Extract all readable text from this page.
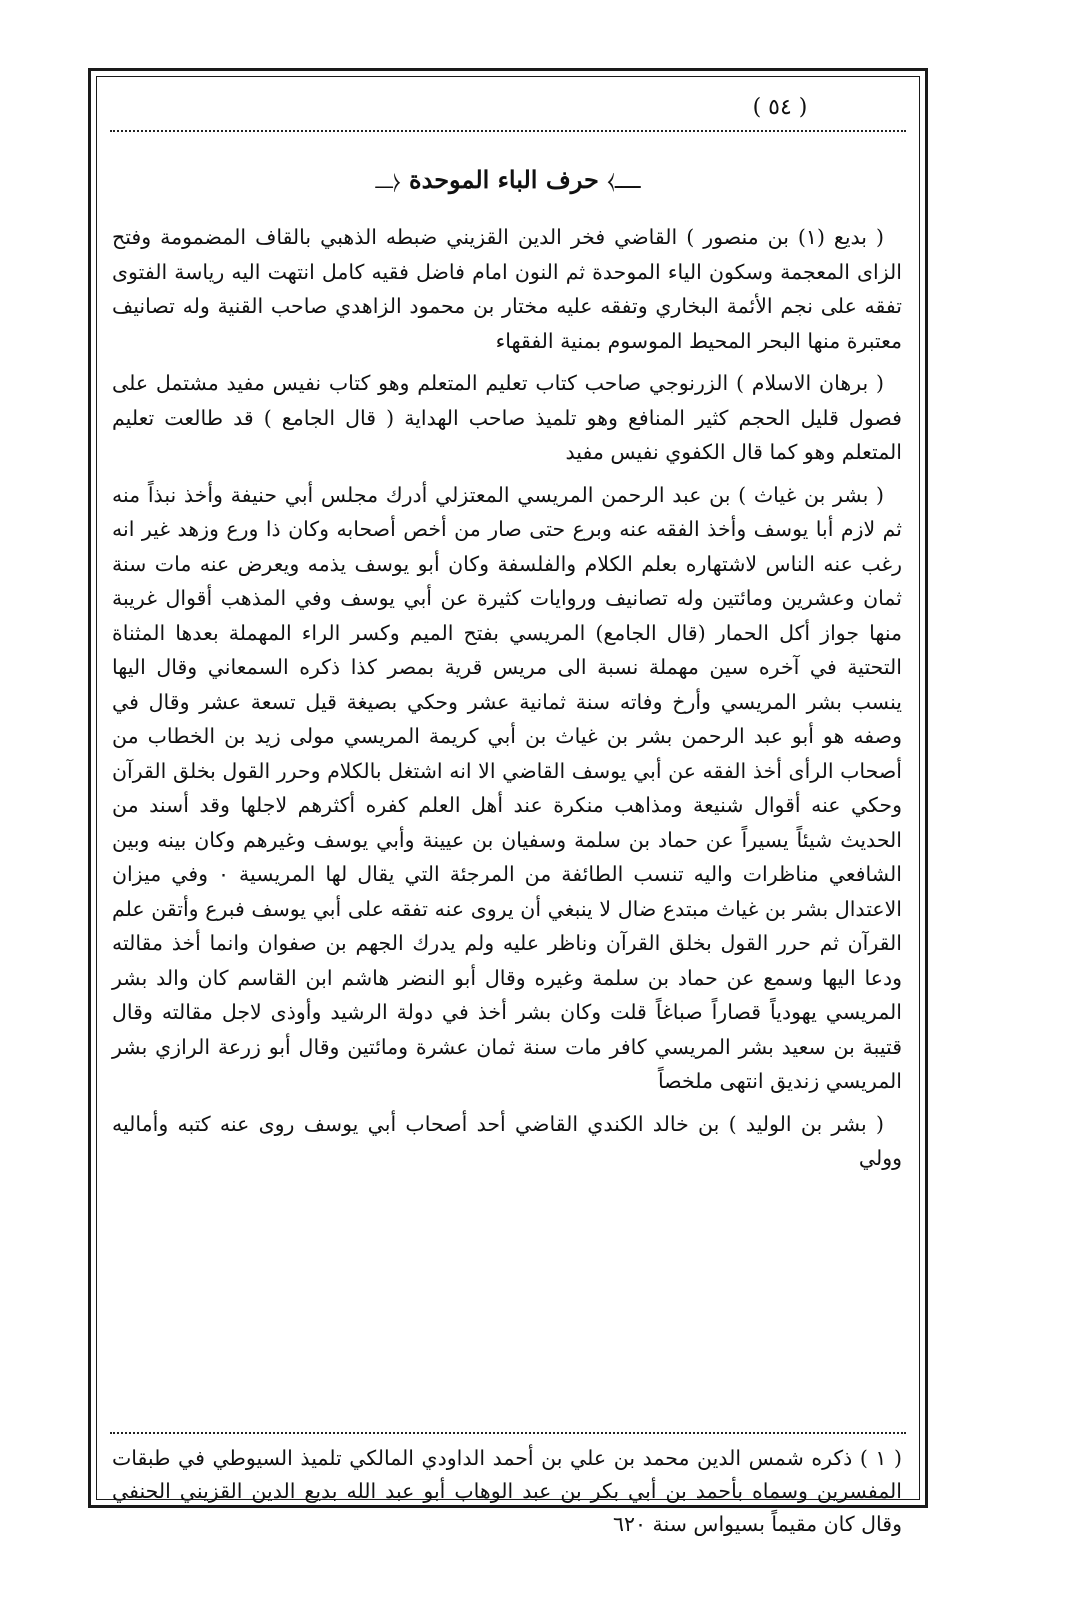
( ٥٤ )
ــــ⧽ حرف الباء الموحدة ⧼ــــ

( بديع (١) بن منصور ) القاضي فخر الدين القزيني ضبطه الذهبي بالقاف المضمومة وفتح الزاى المعجمة وسكون الياء الموحدة ثم النون امام فاضل فقيه كامل انتهت اليه رياسة الفتوى تفقه على نجم الأئمة البخاري وتفقه عليه مختار بن محمود الزاهدي صاحب القنية وله تصانيف معتبرة منها البحر المحيط الموسوم بمنية الفقهاء

( برهان الاسلام ) الزرنوجي صاحب كتاب تعليم المتعلم وهو كتاب نفيس مفيد مشتمل على فصول قليل الحجم كثير المنافع وهو تلميذ صاحب الهداية ( قال الجامع ) قد طالعت تعليم المتعلم وهو كما قال الكفوي نفيس مفيد

( بشر بن غياث ) بن عبد الرحمن المريسي المعتزلي أدرك مجلس أبي حنيفة وأخذ نبذاً منه ثم لازم أبا يوسف وأخذ الفقه عنه وبرع حتى صار من أخص أصحابه وكان ذا ورع وزهد غير انه رغب عنه الناس لاشتهاره بعلم الكلام والفلسفة وكان أبو يوسف يذمه ويعرض عنه مات سنة ثمان وعشرين ومائتين وله تصانيف وروايات كثيرة عن أبي يوسف وفي المذهب أقوال غريبة منها جواز أكل الحمار (قال الجامع) المريسي بفتح الميم وكسر الراء المهملة بعدها المثناة التحتية في آخره سين مهملة نسبة الى مريس قرية بمصر كذا ذكره السمعاني وقال اليها ينسب بشر المريسي وأرخ وفاته سنة ثمانية عشر وحكي بصيغة قيل تسعة عشر وقال في وصفه هو أبو عبد الرحمن بشر بن غياث بن أبي كريمة المريسي مولى زيد بن الخطاب من أصحاب الرأى أخذ الفقه عن أبي يوسف القاضي الا انه اشتغل بالكلام وحرر القول بخلق القرآن وحكي عنه أقوال شنيعة ومذاهب منكرة عند أهل العلم كفره أكثرهم لاجلها وقد أسند من الحديث شيئاً يسيراً عن حماد بن سلمة وسفيان بن عيينة وأبي يوسف وغيرهم وكان بينه وبين الشافعي مناظرات واليه تنسب الطائفة من المرجئة التي يقال لها المريسية ٠ وفي ميزان الاعتدال بشر بن غياث مبتدع ضال لا ينبغي أن يروى عنه تفقه على أبي يوسف فبرع وأتقن علم القرآن ثم حرر القول بخلق القرآن وناظر عليه ولم يدرك الجهم بن صفوان وانما أخذ مقالته ودعا اليها وسمع عن حماد بن سلمة وغيره وقال أبو النضر هاشم ابن القاسم كان والد بشر المريسي يهودياً قصاراً صباغاً قلت وكان بشر أخذ في دولة الرشيد وأوذى لاجل مقالته وقال قتيبة بن سعيد بشر المريسي كافر مات سنة ثمان عشرة ومائتين وقال أبو زرعة الرازي بشر المريسي زنديق انتهى ملخصاً

( بشر بن الوليد ) بن خالد الكندي القاضي أحد أصحاب أبي يوسف روى عنه كتبه وأماليه وولي

( ١ ) ذكره شمس الدين محمد بن علي بن أحمد الداودي المالكي تلميذ السيوطي في طبقات المفسرين وسماه بأحمد بن أبي بكر بن عبد الوهاب أبو عبد الله بديع الدين القزيني الحنفي وقال كان مقيماً بسيواس سنة ٦٢٠
